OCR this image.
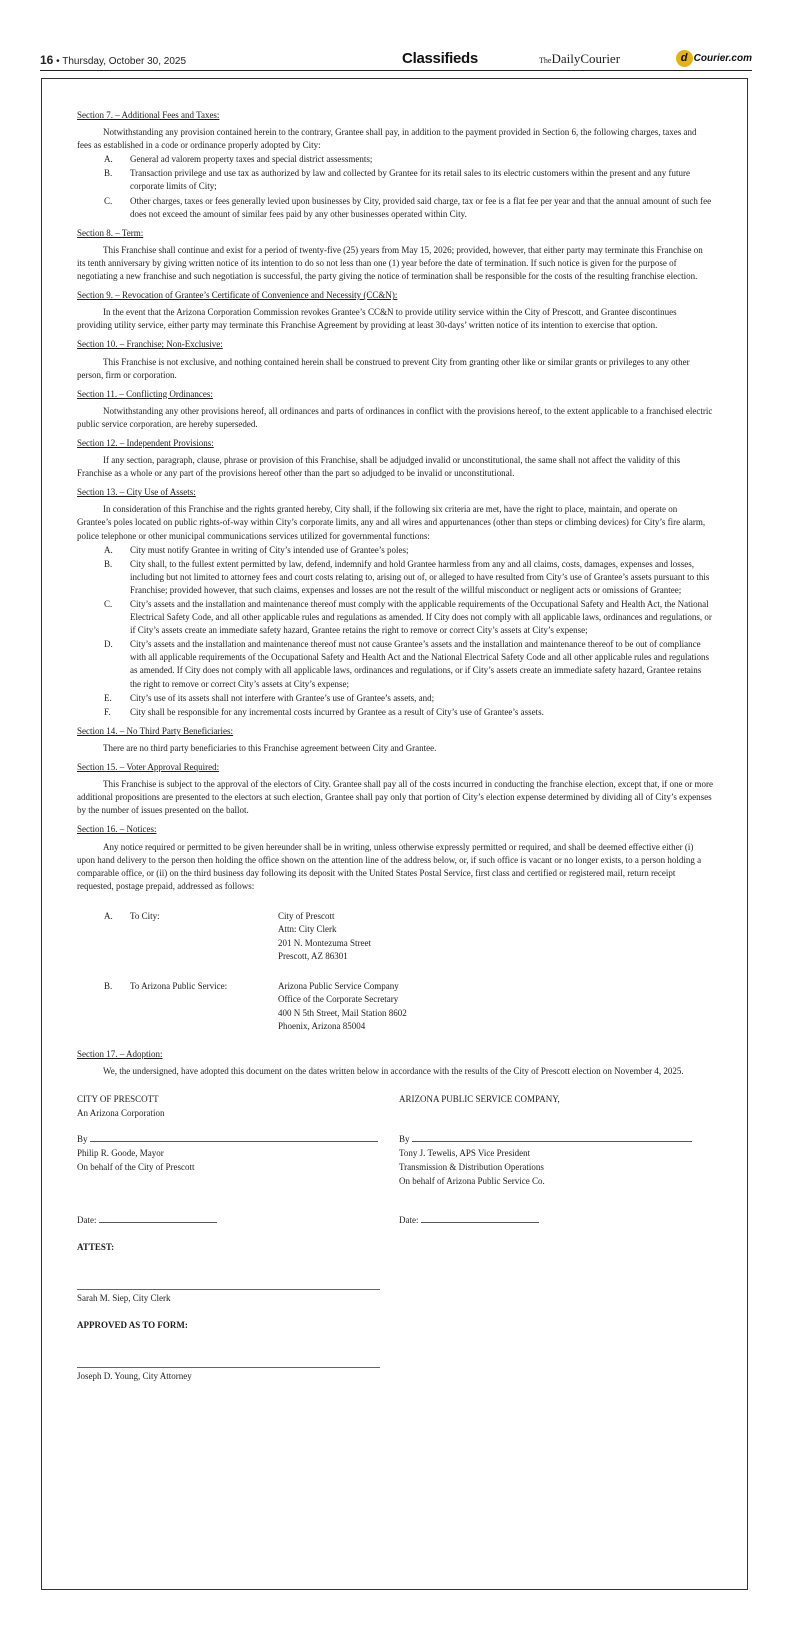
16 • Thursday, October 30, 2025	Classifieds	TheDailyCourier	d Courier.com
Section 7. – Additional Fees and Taxes:

Notwithstanding any provision contained herein to the contrary, Grantee shall pay, in addition to the payment provided in Section 6, the following charges, taxes and fees as established in a code or ordinance properly adopted by City:

A.	General ad valorem property taxes and special district assessments;
B.	Transaction privilege and use tax as authorized by law and collected by Grantee for its retail sales to its electric customers within the present and any future corporate limits of City;
C.	Other charges, taxes or fees generally levied upon businesses by City, provided said charge, tax or fee is a flat fee per year and that the annual amount of such fee does not exceed the amount of similar fees paid by any other businesses operated within City.
Section 8. – Term:

This Franchise shall continue and exist for a period of twenty-five (25) years from May 15, 2026; provided, however, that either party may terminate this Franchise on its tenth anniversary by giving written notice of its intention to do so not less than one (1) year before the date of termination. If such notice is given for the purpose of negotiating a new franchise and such negotiation is successful, the party giving the notice of termination shall be responsible for the costs of the resulting franchise election.

Section 9. – Revocation of Grantee’s Certificate of Convenience and Necessity (CC&N):

In the event that the Arizona Corporation Commission revokes Grantee’s CC&N to provide utility service within the City of Prescott, and Grantee discontinues providing utility service, either party may terminate this Franchise Agreement by providing at least 30-days’ written notice of its intention to exercise that option.

Section 10. – Franchise; Non-Exclusive:

This Franchise is not exclusive, and nothing contained herein shall be construed to prevent City from granting other like or similar grants or privileges to any other person, firm or corporation.

Section 11. – Conflicting Ordinances:

Notwithstanding any other provisions hereof, all ordinances and parts of ordinances in conflict with the provisions hereof, to the extent applicable to a franchised electric public service corporation, are hereby superseded.

Section 12. – Independent Provisions:

If any section, paragraph, clause, phrase or provision of this Franchise, shall be adjudged invalid or unconstitutional, the same shall not affect the validity of this Franchise as a whole or any part of the provisions hereof other than the part so adjudged to be invalid or unconstitutional.

Section 13. – City Use of Assets:

In consideration of this Franchise and the rights granted hereby, City shall, if the following six criteria are met, have the right to place, maintain, and operate on Grantee’s poles located on public rights-of-way within City’s corporate limits, any and all wires and appurtenances (other than steps or climbing devices) for City’s fire alarm, police telephone or other municipal communications services utilized for governmental functions:

A.	City must notify Grantee in writing of City’s intended use of Grantee’s poles;
B.	City shall, to the fullest extent permitted by law, defend, indemnify and hold Grantee harmless from any and all claims, costs, damages, expenses and losses, including but not limited to attorney fees and court costs relating to, arising out of, or alleged to have resulted from City’s use of Grantee’s assets pursuant to this Franchise; provided however, that such claims, expenses and losses are not the result of the willful misconduct or negligent acts or omissions of Grantee;
C.	City’s assets and the installation and maintenance thereof must comply with the applicable requirements of the Occupational Safety and Health Act, the National Electrical Safety Code, and all other applicable rules and regulations as amended. If City does not comply with all applicable laws, ordinances and regulations, or if City’s assets create an immediate safety hazard, Grantee retains the right to remove or correct City’s assets at City’s expense;
D.	City’s assets and the installation and maintenance thereof must not cause Grantee’s assets and the installation and maintenance thereof to be out of compliance with all applicable requirements of the Occupational Safety and Health Act and the National Electrical Safety Code and all other applicable rules and regulations as amended. If City does not comply with all applicable laws, ordinances and regulations, or if City’s assets create an immediate safety hazard, Grantee retains the right to remove or correct City’s assets at City’s expense;
E.	City’s use of its assets shall not interfere with Grantee’s use of Grantee’s assets, and;
F.	City shall be responsible for any incremental costs incurred by Grantee as a result of City’s use of Grantee’s assets.
Section 14. – No Third Party Beneficiaries:

There are no third party beneficiaries to this Franchise agreement between City and Grantee.

Section 15. – Voter Approval Required:

This Franchise is subject to the approval of the electors of City. Grantee shall pay all of the costs incurred in conducting the franchise election, except that, if one or more additional propositions are presented to the electors at such election, Grantee shall pay only that portion of City’s election expense determined by dividing all of City’s expenses by the number of issues presented on the ballot.

Section 16. – Notices:

Any notice required or permitted to be given hereunder shall be in writing, unless otherwise expressly permitted or required, and shall be deemed effective either (i) upon hand delivery to the person then holding the office shown on the attention line of the address below, or, if such office is vacant or no longer exists, to a person holding a comparable office, or (ii) on the third business day following its deposit with the United States Postal Service, first class and certified or registered mail, return receipt requested, postage prepaid, addressed as follows:

A.	To City:	City of Prescott
Attn: City Clerk
201 N. Montezuma Street
Prescott, AZ 86301
B.	To Arizona Public Service:	Arizona Public Service Company
Office of the Corporate Secretary
400 N 5th Street, Mail Station 8602
Phoenix, Arizona 85004
Section 17. – Adoption:

We, the undersigned, have adopted this document on the dates written below in accordance with the results of the City of Prescott election on November 4, 2025.

CITY OF PRESCOTT
An Arizona Corporation
ARIZONA PUBLIC SERVICE COMPANY,
By
Philip R. Goode, Mayor
On behalf of the City of Prescott
By
Tony J. Tewelis, APS Vice President
Transmission & Distribution Operations
On behalf of Arizona Public Service Co.
Date:	Date:
ATTEST:
Sarah M. Siep, City Clerk
APPROVED AS TO FORM:
Joseph D. Young, City Attorney
